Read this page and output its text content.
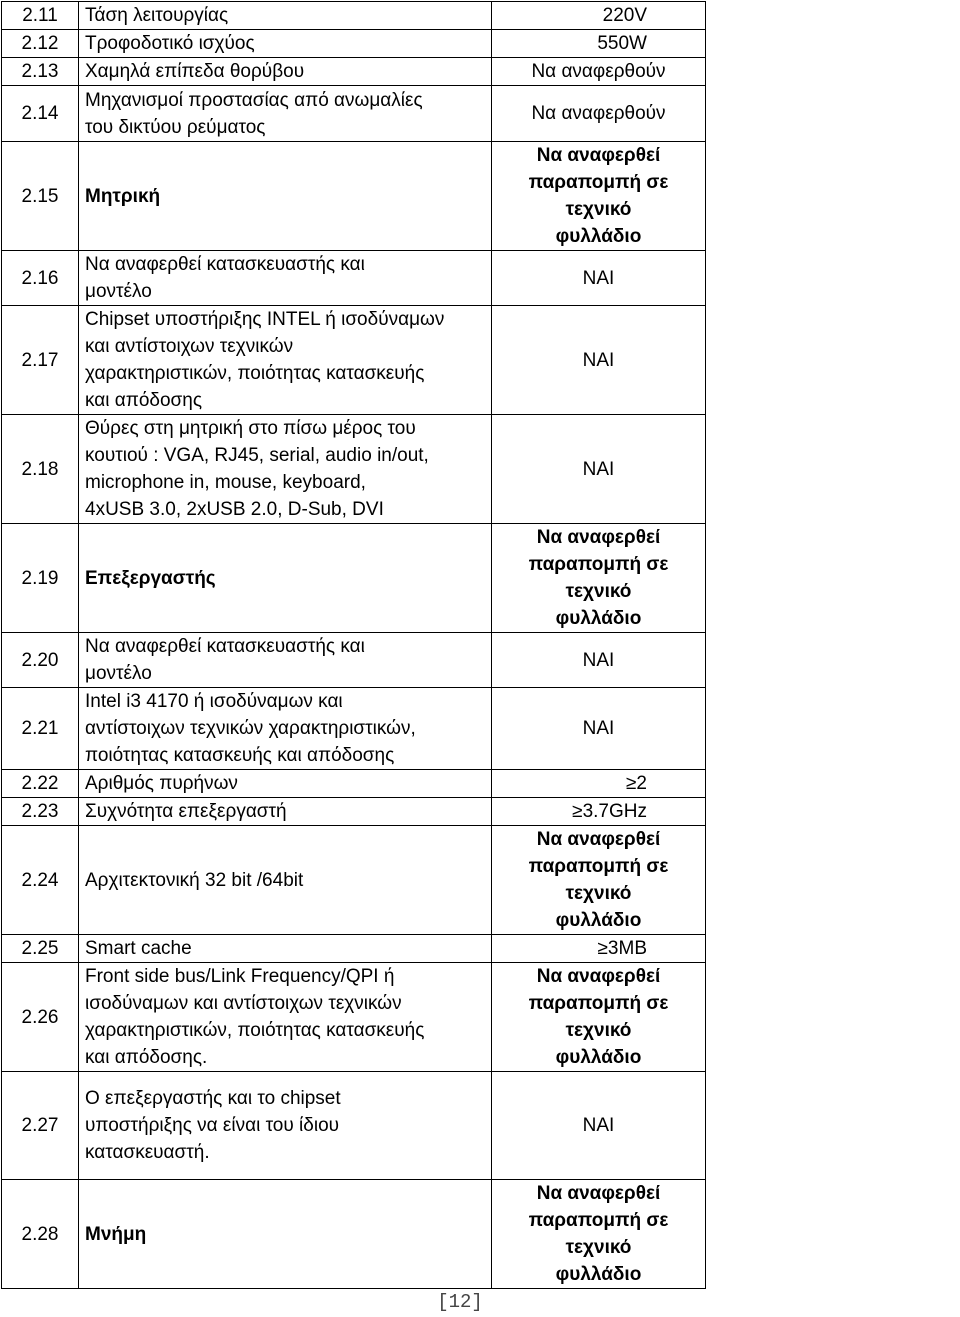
2.11	Τάση λειτουργίας	220V
2.12	Τροφοδοτικό ισχύος	550W
2.13	Χαμηλά επίπεδα θορύβου	Να αναφερθούν
2.14	Μηχανισμοί προστασίας από ανωμαλίες
του δικτύου ρεύματος	Να αναφερθούν
2.15	Μητρική	Να αναφερθεί
παραπομπή σε
τεχνικό
φυλλάδιο
2.16	Να αναφερθεί κατασκευαστής και
μοντέλο	ΝΑΙ
2.17	Chipset υποστήριξης INTEL ή ισοδύναμων
και αντίστοιχων τεχνικών
χαρακτηριστικών, ποιότητας κατασκευής
και απόδοσης	ΝΑΙ
2.18	Θύρες στη μητρική στο πίσω μέρος του
κουτιού : VGA, RJ45, serial, audio in/out,
microphone in, mouse, keyboard,
4xUSB 3.0, 2xUSB 2.0, D-Sub, DVI	ΝΑΙ
2.19	Επεξεργαστής	Να αναφερθεί
παραπομπή σε
τεχνικό
φυλλάδιο
2.20	Να αναφερθεί κατασκευαστής και
μοντέλο	ΝΑΙ
2.21	Intel i3 4170 ή ισοδύναμων και
αντίστοιχων τεχνικών χαρακτηριστικών,
ποιότητας κατασκευής και απόδοσης	ΝΑΙ
2.22	Αριθμός πυρήνων	≥2
2.23	Συχνότητα επεξεργαστή	≥3.7GHz
2.24	Αρχιτεκτονική 32 bit /64bit	Να αναφερθεί
παραπομπή σε
τεχνικό
φυλλάδιο
2.25	Smart cache	≥3MB
2.26	Front side bus/Link Frequency/QPI ή
ισοδύναμων και αντίστοιχων τεχνικών
χαρακτηριστικών, ποιότητας κατασκευής
και απόδοσης.	Να αναφερθεί
παραπομπή σε
τεχνικό
φυλλάδιο
2.27	Ο επεξεργαστής και το chipset
υποστήριξης να είναι του ίδιου
κατασκευαστή.	ΝΑΙ
2.28	Μνήμη	Να αναφερθεί
παραπομπή σε
τεχνικό
φυλλάδιο
[12]
